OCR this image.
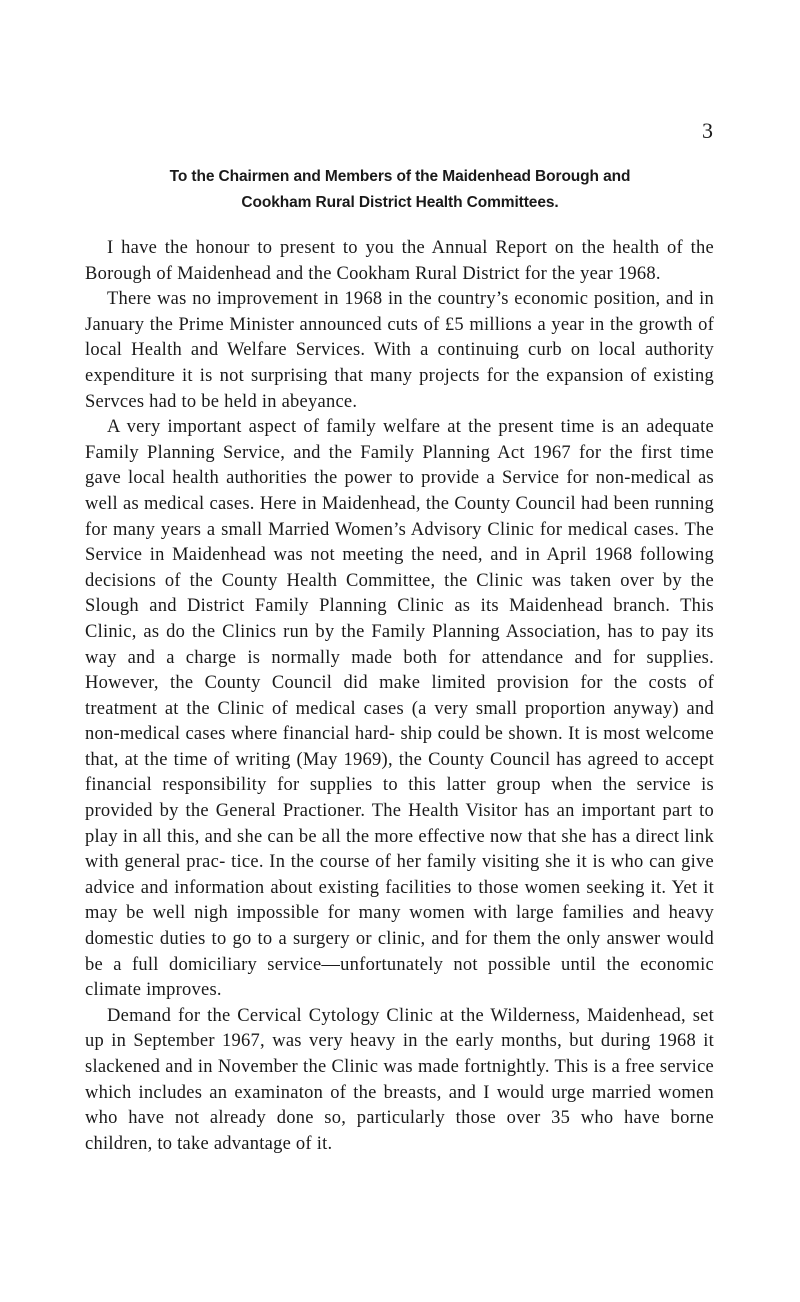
3
To the Chairmen and Members of the Maidenhead Borough and
Cookham Rural District Health Committees.

I have the honour to present to you the Annual Report on the health of the Borough of Maidenhead and the Cookham Rural District for the year 1968.

There was no improvement in 1968 in the country’s economic position, and in January the Prime Minister announced cuts of £5 millions a year in the growth of local Health and Welfare Services. With a continuing curb on local authority expenditure it is not surprising that many projects for the expansion of existing Servces had to be held in abeyance.

A very important aspect of family welfare at the present time is an adequate Family Planning Service, and the Family Planning Act 1967 for the first time gave local health authorities the power to provide a Service for non-medical as well as medical cases. Here in Maidenhead, the County Council had been running for many years a small Married Women’s Advisory Clinic for medical cases. The Service in Maidenhead was not meeting the need, and in April 1968 following decisions of the County Health Committee, the Clinic was taken over by the Slough and District Family Planning Clinic as its Maidenhead branch. This Clinic, as do the Clinics run by the Family Planning Association, has to pay its way and a charge is normally made both for attendance and for supplies. However, the County Council did make limited provision for the costs of treatment at the Clinic of medical cases (a very small proportion anyway) and non-medical cases where financial hard- ship could be shown. It is most welcome that, at the time of writing (May 1969), the County Council has agreed to accept financial responsibility for supplies to this latter group when the service is provided by the General Practioner. The Health Visitor has an important part to play in all this, and she can be all the more effective now that she has a direct link with general prac- tice. In the course of her family visiting she it is who can give advice and information about existing facilities to those women seeking it. Yet it may be well nigh impossible for many women with large families and heavy domestic duties to go to a surgery or clinic, and for them the only answer would be a full domiciliary service—unfortunately not possible until the economic climate improves.

Demand for the Cervical Cytology Clinic at the Wilderness, Maidenhead, set up in September 1967, was very heavy in the early months, but during 1968 it slackened and in November the Clinic was made fortnightly. This is a free service which includes an examinaton of the breasts, and I would urge married women who have not already done so, particularly those over 35 who have borne children, to take advantage of it.
